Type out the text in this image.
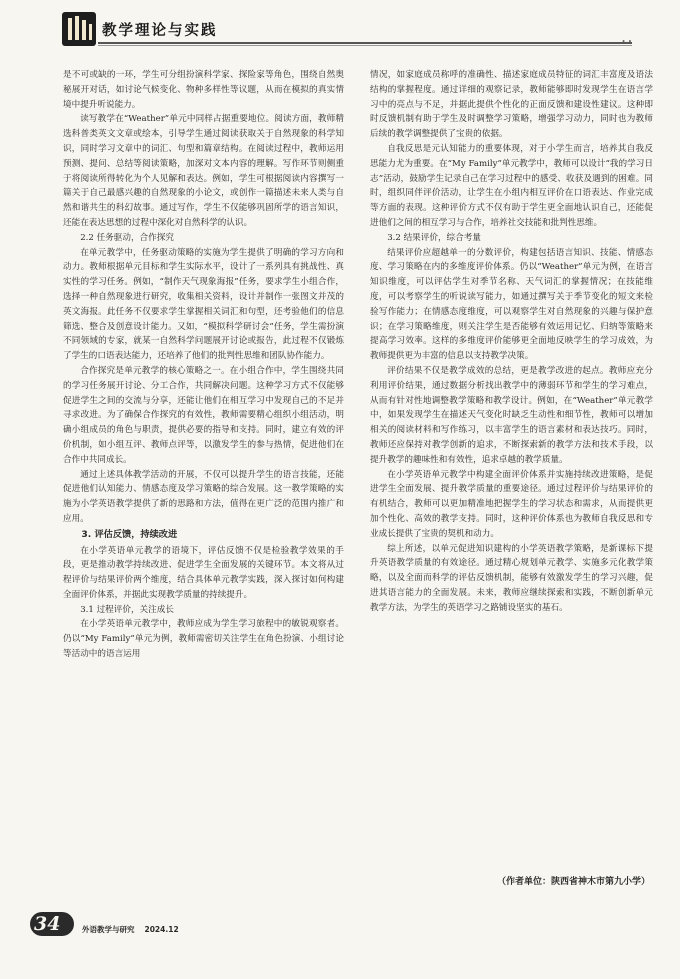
教学理论与实践
• •

是不可或缺的一环，学生可分组扮演科学家、探险家等角色，围绕自然奥秘展开对话，如讨论气候变化、物种多样性等议题，从而在模拟的真实情境中提升听说能力。

读写教学在“Weather”单元中同样占据重要地位。阅读方面，教师精选科普类英文文章或绘本，引导学生通过阅读获取关于自然现象的科学知识，同时学习文章中的词汇、句型和篇章结构。在阅读过程中，教师运用预测、提问、总结等阅读策略，加深对文本内容的理解。写作环节则侧重于将阅读所得转化为个人见解和表达。例如，学生可根据阅读内容撰写一篇关于自己最感兴趣的自然现象的小论文，或创作一篇描述未来人类与自然和谐共生的科幻故事。通过写作，学生不仅能够巩固所学的语言知识，还能在表达思想的过程中深化对自然科学的认识。

2.2 任务驱动，合作探究

在单元教学中，任务驱动策略的实施为学生提供了明确的学习方向和动力。教师根据单元目标和学生实际水平，设计了一系列具有挑战性、真实性的学习任务。例如，“制作天气现象海报”任务，要求学生小组合作，选择一种自然现象进行研究，收集相关资料，设计并制作一张图文并茂的英文海报。此任务不仅要求学生掌握相关词汇和句型，还考验他们的信息筛选、整合及创意设计能力。又如，“模拟科学研讨会”任务，学生需扮演不同领域的专家，就某一自然科学问题展开讨论或报告，此过程不仅锻炼了学生的口语表达能力，还培养了他们的批判性思维和团队协作能力。

合作探究是单元教学的核心策略之一。在小组合作中，学生围绕共同的学习任务展开讨论、分工合作，共同解决问题。这种学习方式不仅能够促进学生之间的交流与分享，还能让他们在相互学习中发现自己的不足并寻求改进。为了确保合作探究的有效性，教师需要精心组织小组活动，明确小组成员的角色与职责，提供必要的指导和支持。同时，建立有效的评价机制，如小组互评、教师点评等，以激发学生的参与热情，促进他们在合作中共同成长。

通过上述具体教学活动的开展，不仅可以提升学生的语言技能，还能促进他们认知能力、情感态度及学习策略的综合发展。这一教学策略的实施为小学英语教学提供了新的思路和方法，值得在更广泛的范围内推广和应用。

3. 评估反馈，持续改进

在小学英语单元教学的语境下，评估反馈不仅是检验教学效果的手段，更是推动教学持续改进、促进学生全面发展的关键环节。本文将从过程评价与结果评价两个维度，结合具体单元教学实践，深入探讨如何构建全面评价体系，并据此实现教学质量的持续提升。

3.1 过程评价，关注成长

在小学英语单元教学中，教师应成为学生学习旅程中的敏锐观察者。仍以“My Family”单元为例，教师需密切关注学生在角色扮演、小组讨论等活动中的语言运用

情况，如家庭成员称呼的准确性、描述家庭成员特征的词汇丰富度及语法结构的掌握程度。通过详细的观察记录，教师能够即时发现学生在语言学习中的亮点与不足，并据此提供个性化的正面反馈和建设性建议。这种即时反馈机制有助于学生及时调整学习策略，增强学习动力，同时也为教师后续的教学调整提供了宝贵的依据。

自我反思是元认知能力的重要体现，对于小学生而言，培养其自我反思能力尤为重要。在“My Family”单元教学中，教师可以设计“我的学习日志”活动，鼓励学生记录自己在学习过程中的感受、收获及遇到的困难。同时，组织同伴评价活动，让学生在小组内相互评价在口语表达、作业完成等方面的表现。这种评价方式不仅有助于学生更全面地认识自己，还能促进他们之间的相互学习与合作，培养社交技能和批判性思维。

3.2 结果评价，综合考量

结果评价应超越单一的分数评价，构建包括语言知识、技能、情感态度、学习策略在内的多维度评价体系。仍以“Weather”单元为例，在语言知识维度，可以评估学生对季节名称、天气词汇的掌握情况；在技能维度，可以考察学生的听说读写能力，如通过撰写关于季节变化的短文来检验写作能力；在情感态度维度，可以观察学生对自然现象的兴趣与保护意识；在学习策略维度，则关注学生是否能够有效运用记忆、归纳等策略来提高学习效率。这样的多维度评价能够更全面地反映学生的学习成效，为教师提供更为丰富的信息以支持教学决策。

评价结果不仅是教学成效的总结，更是教学改进的起点。教师应充分利用评价结果，通过数据分析找出教学中的薄弱环节和学生的学习难点，从而有针对性地调整教学策略和教学设计。例如，在“Weather”单元教学中，如果发现学生在描述天气变化时缺乏生动性和细节性，教师可以增加相关的阅读材料和写作练习，以丰富学生的语言素材和表达技巧。同时，教师还应保持对教学创新的追求，不断探索新的教学方法和技术手段，以提升教学的趣味性和有效性，追求卓越的教学质量。

在小学英语单元教学中构建全面评价体系并实施持续改进策略，是促进学生全面发展、提升教学质量的重要途径。通过过程评价与结果评价的有机结合，教师可以更加精准地把握学生的学习状态和需求，从而提供更加个性化、高效的教学支持。同时，这种评价体系也为教师自我反思和专业成长提供了宝贵的契机和动力。

综上所述，以单元促进知识建构的小学英语教学策略，是新课标下提升英语教学质量的有效途径。通过精心规划单元教学、实施多元化教学策略，以及全面而科学的评估反馈机制，能够有效激发学生的学习兴趣，促进其语言能力的全面发展。未来，教师应继续探索和实践，不断创新单元教学方法，为学生的英语学习之路铺设坚实的基石。

（作者单位：陕西省神木市第九小学）
34	外语教学与研究 2024.12
